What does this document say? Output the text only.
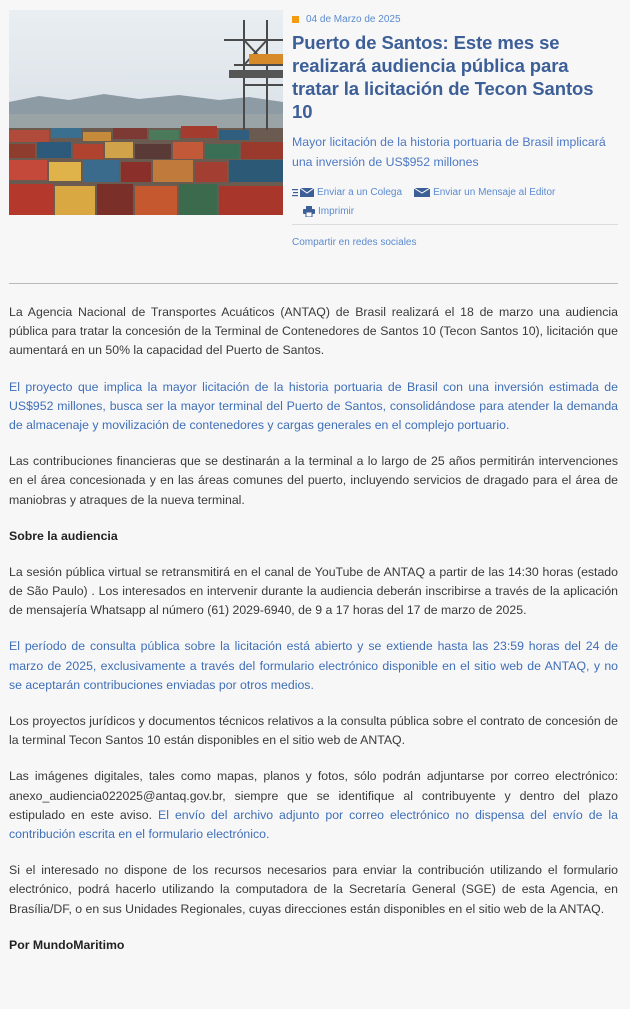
04 de Marzo de 2025
Puerto de Santos: Este mes se realizará audiencia pública para tratar la licitación de Tecon Santos 10

Mayor licitación de la historia portuaria de Brasil implicará una inversión de US$952 millones

Enviar a un Colega	Enviar un Mensaje al Editor
Imprimir
Compartir en redes sociales

La Agencia Nacional de Transportes Acuáticos (ANTAQ) de Brasil realizará el 18 de marzo una audiencia pública para tratar la concesión de la Terminal de Contenedores de Santos 10 (Tecon Santos 10), licitación que aumentará en un 50% la capacidad del Puerto de Santos.

El proyecto que implica la mayor licitación de la historia portuaria de Brasil con una inversión estimada de US$952 millones, busca ser la mayor terminal del Puerto de Santos, consolidándose para atender la demanda de almacenaje y movilización de contenedores y cargas generales en el complejo portuario.

Las contribuciones financieras que se destinarán a la terminal a lo largo de 25 años permitirán intervenciones en el área concesionada y en las áreas comunes del puerto, incluyendo servicios de dragado para el área de maniobras y atraques de la nueva terminal.

Sobre la audiencia

La sesión pública virtual se retransmitirá en el canal de YouTube de ANTAQ a partir de las 14:30 horas (estado de São Paulo) . Los interesados en intervenir durante la audiencia deberán inscribirse a través de la aplicación de mensajería Whatsapp al número (61) 2029-6940, de 9 a 17 horas del 17 de marzo de 2025.

El período de consulta pública sobre la licitación está abierto y se extiende hasta las 23:59 horas del 24 de marzo de 2025, exclusivamente a través del formulario electrónico disponible en el sitio web de ANTAQ, y no se aceptarán contribuciones enviadas por otros medios.

Los proyectos jurídicos y documentos técnicos relativos a la consulta pública sobre el contrato de concesión de la terminal Tecon Santos 10 están disponibles en el sitio web de ANTAQ.

Las imágenes digitales, tales como mapas, planos y fotos, sólo podrán adjuntarse por correo electrónico: anexo_audiencia022025@antaq.gov.br, siempre que se identifique al contribuyente y dentro del plazo estipulado en este aviso. El envío del archivo adjunto por correo electrónico no dispensa del envío de la contribución escrita en el formulario electrónico.

Si el interesado no dispone de los recursos necesarios para enviar la contribución utilizando el formulario electrónico, podrá hacerlo utilizando la computadora de la Secretaría General (SGE) de esta Agencia, en Brasília/DF, o en sus Unidades Regionales, cuyas direcciones están disponibles en el sitio web de la ANTAQ.

Por MundoMaritimo
